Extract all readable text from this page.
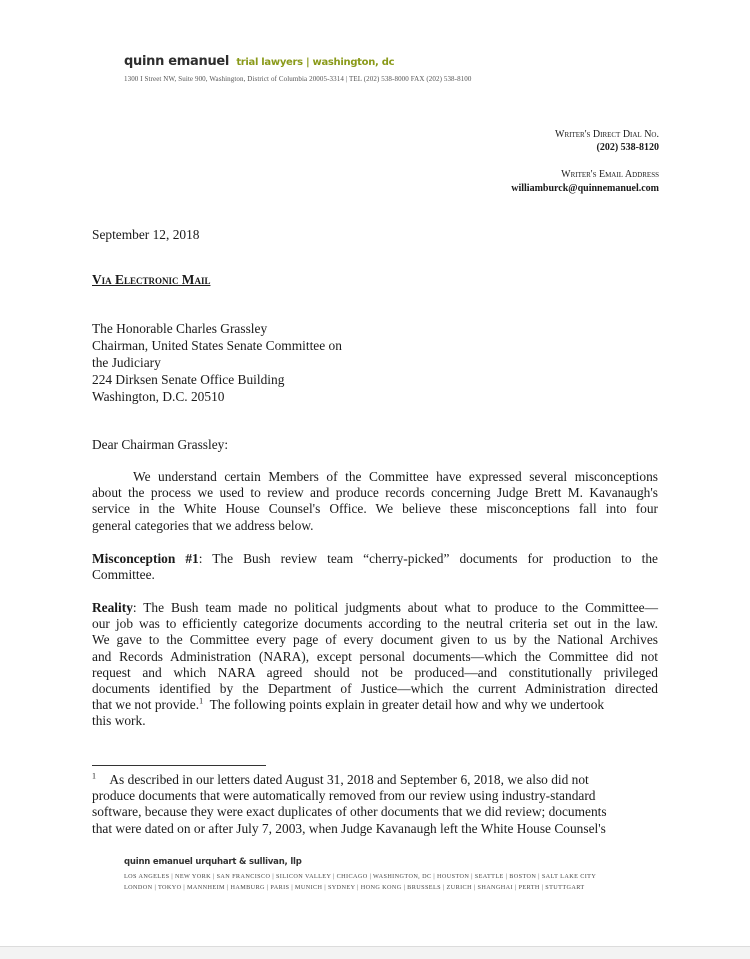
quinn emanuel trial lawyers | washington, dc
1300 I Street NW, Suite 900, Washington, District of Columbia 20005-3314 | TEL (202) 538-8000 FAX (202) 538-8100
Writer's Direct Dial No.
(202) 538-8120
Writer's Email Address
williamburck@quinnemanuel.com
September 12, 2018
Via Electronic Mail
The Honorable Charles Grassley
Chairman, United States Senate Committee on
the Judiciary
224 Dirksen Senate Office Building
Washington, D.C. 20510
Dear Chairman Grassley:
We understand certain Members of the Committee have expressed several misconceptions
about the process we used to review and produce records concerning Judge Brett M. Kavanaugh's
service in the White House Counsel's Office. We believe these misconceptions fall into four
general categories that we address below.
Misconception #1: The Bush review team “cherry-picked” documents for production to the
Committee.
Reality: The Bush team made no political judgments about what to produce to the Committee—
our job was to efficiently categorize documents according to the neutral criteria set out in the law.
We gave to the Committee every page of every document given to us by the National Archives
and Records Administration (NARA), except personal documents—which the Committee did not
request and which NARA agreed should not be produced—and constitutionally privileged
documents identified by the Department of Justice—which the current Administration directed
that we not provide.$^1$ The following points explain in greater detail how and why we undertook
this work.
$^1$ As described in our letters dated August 31, 2018 and September 6, 2018, we also did not
produce documents that were automatically removed from our review using industry-standard
software, because they were exact duplicates of other documents that we did review; documents
that were dated on or after July 7, 2003, when Judge Kavanaugh left the White House Counsel's
quinn emanuel urquhart & sullivan, llp
LOS ANGELES | NEW YORK | SAN FRANCISCO | SILICON VALLEY | CHICAGO | WASHINGTON, DC | HOUSTON | SEATTLE | BOSTON | SALT LAKE CITY
LONDON | TOKYO | MANNHEIM | HAMBURG | PARIS | MUNICH | SYDNEY | HONG KONG | BRUSSELS | ZURICH | SHANGHAI | PERTH | STUTTGART
